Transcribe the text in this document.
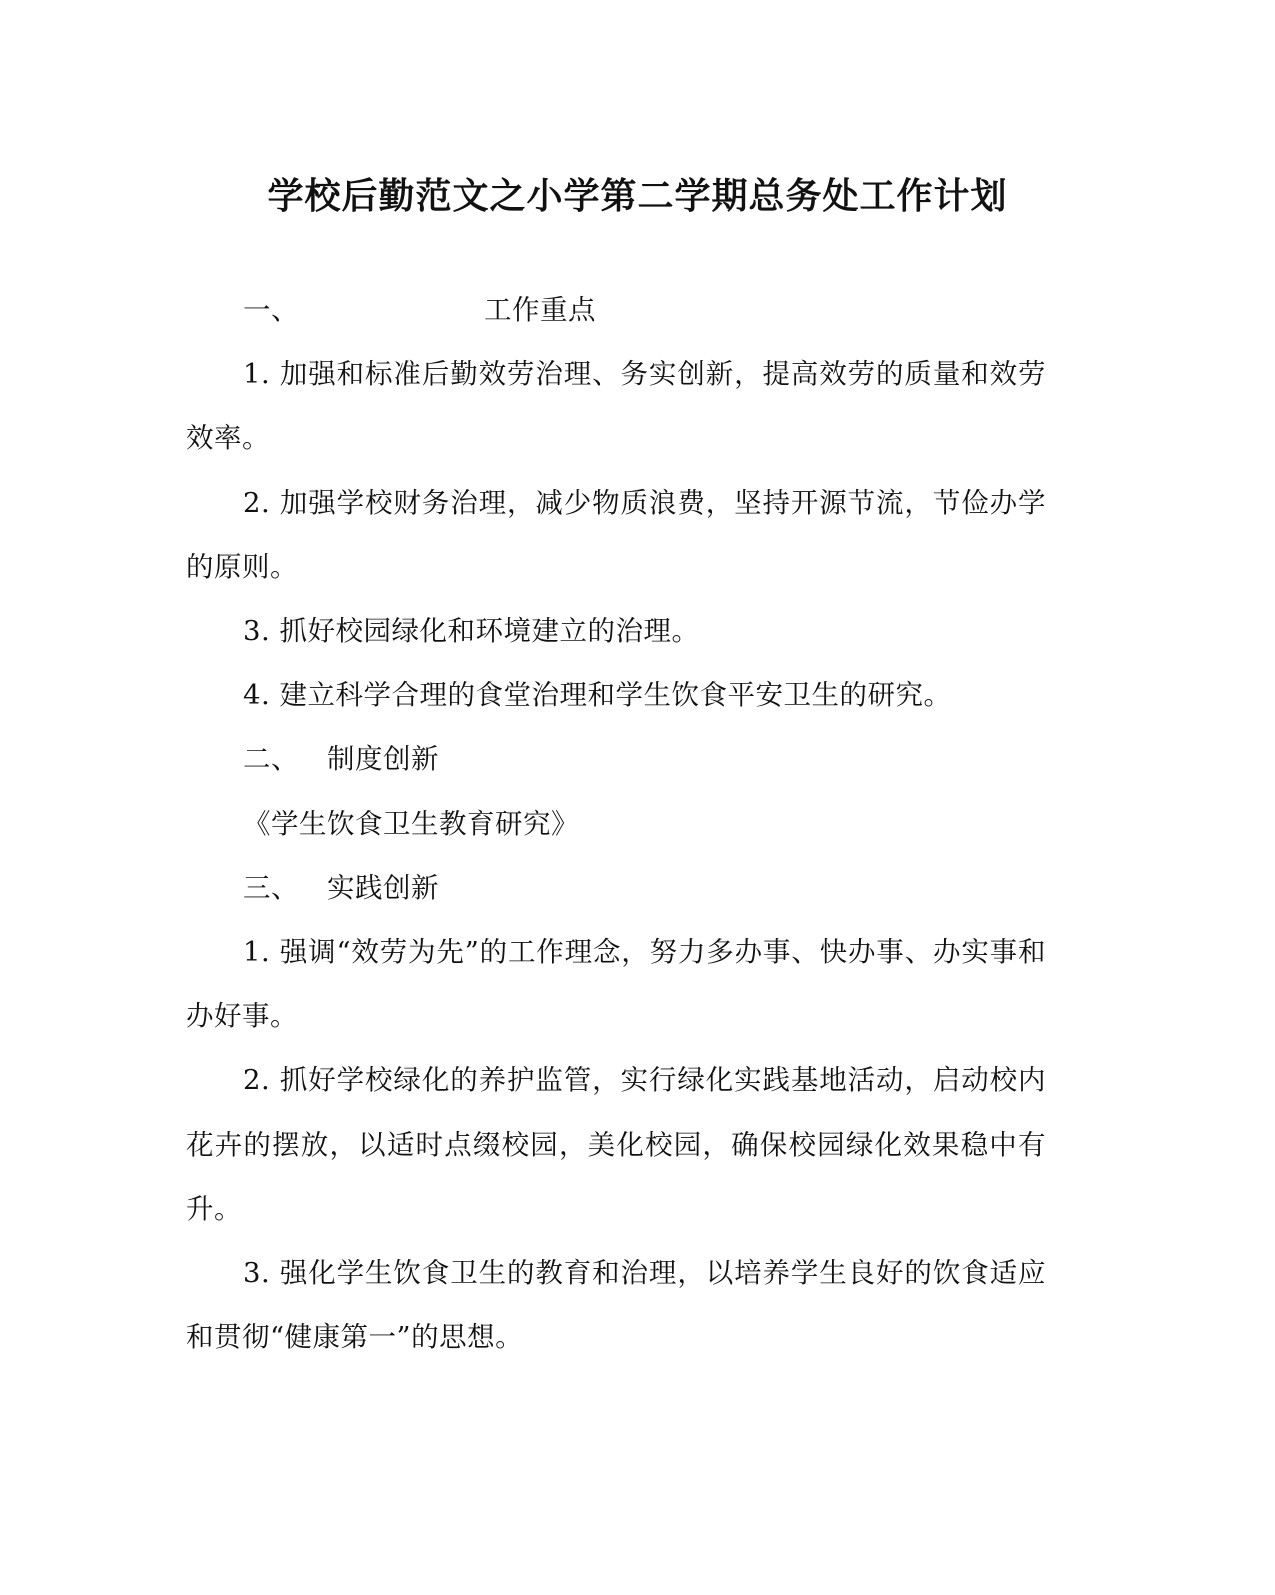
学校后勤范文之小学第二学期总务处工作计划
一、	工作重点

1. 加强和标准后勤效劳治理、务实创新，提高效劳的质量和效劳效率。

2. 加强学校财务治理，减少物质浪费，坚持开源节流，节俭办学的原则。

3. 抓好校园绿化和环境建立的治理。

4. 建立科学合理的食堂治理和学生饮食平安卫生的研究。

二、 制度创新

《学生饮食卫生教育研究》

三、 实践创新

1. 强调“效劳为先”的工作理念，努力多办事、快办事、办实事和办好事。

2. 抓好学校绿化的养护监管，实行绿化实践基地活动，启动校内花卉的摆放，以适时点缀校园，美化校园，确保校园绿化效果稳中有升。

3. 强化学生饮食卫生的教育和治理，以培养学生良好的饮食适应和贯彻“健康第一”的思想。
